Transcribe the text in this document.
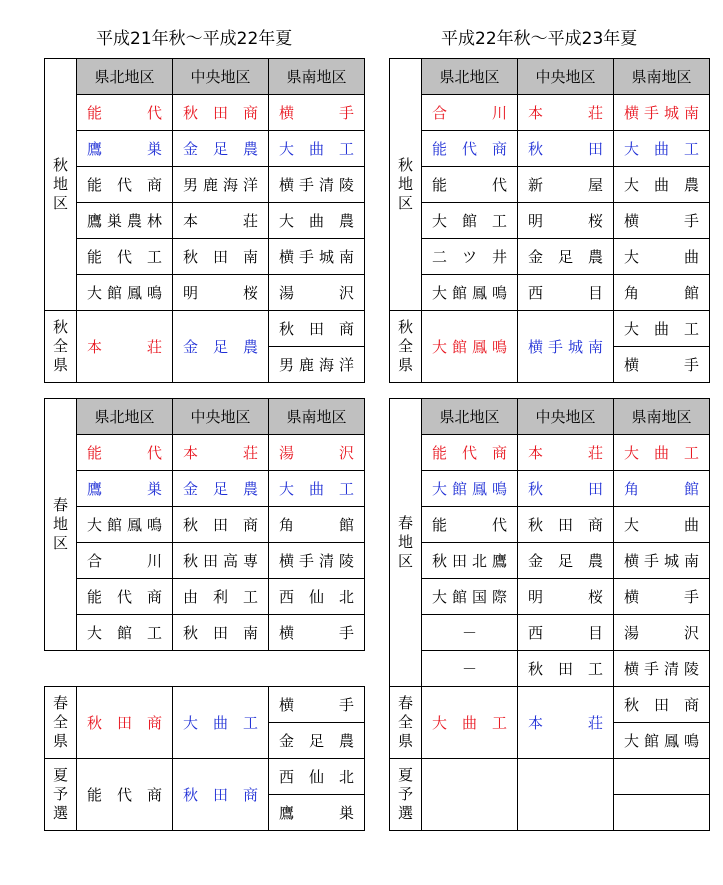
平成21年秋～平成22年夏	平成22年秋～平成23年夏
秋地区	県北地区	中央地区	県南地区

	能代	秋田商	横手

	鷹巣	金足農	大曲工

	能代商	男鹿海洋	横手清陵

	鷹巣農林	本荘	大曲農

	能代工	秋田南	横手城南

	大館鳳鳴	明桜	湯沢

秋全県	本荘	金足農	秋田商

			男鹿海洋
秋地区	県北地区	中央地区	県南地区

	合川	本荘	横手城南

	能代商	秋田	大曲工

	能代	新屋	大曲農

	大館工	明桜	横手

	二ツ井	金足農	大曲

	大館鳳鳴	西目	角館

秋全県	大館鳳鳴	横手城南	大曲工

			横手
春地区	県北地区	中央地区	県南地区

	能代	本荘	湯沢

	鷹巣	金足農	大曲工

	大館鳳鳴	秋田商	角館

	合川	秋田高専	横手清陵

	能代商	由利工	西仙北

	大館工	秋田南	横手
春全県	秋田商	大曲工	横手

			金足農

夏予選	能代商	秋田商	西仙北

			鷹巣
春地区	県北地区	中央地区	県南地区

	能代商	本荘	大曲工

	大館鳳鳴	秋田	角館

	能代	秋田商	大曲

	秋田北鷹	金足農	横手城南

	大館国際	明桜	横手

	－	西目	湯沢

	－	秋田工	横手清陵

春全県	大曲工	本荘	秋田商

			大館鳳鳴

夏予選	
